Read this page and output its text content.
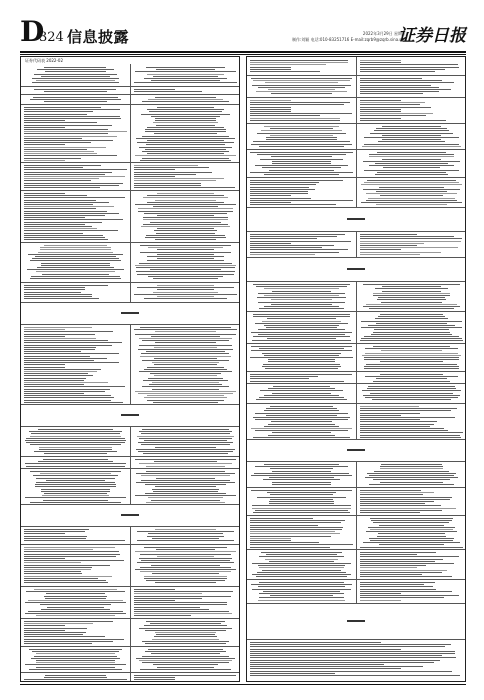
D
324 信息披露	2022年3月29日 星期五
制作:刘颖 电话:010-83251716 E-mail:zqrb9@zqrb.sina.net
证券日报
证券代码表 2022-02
